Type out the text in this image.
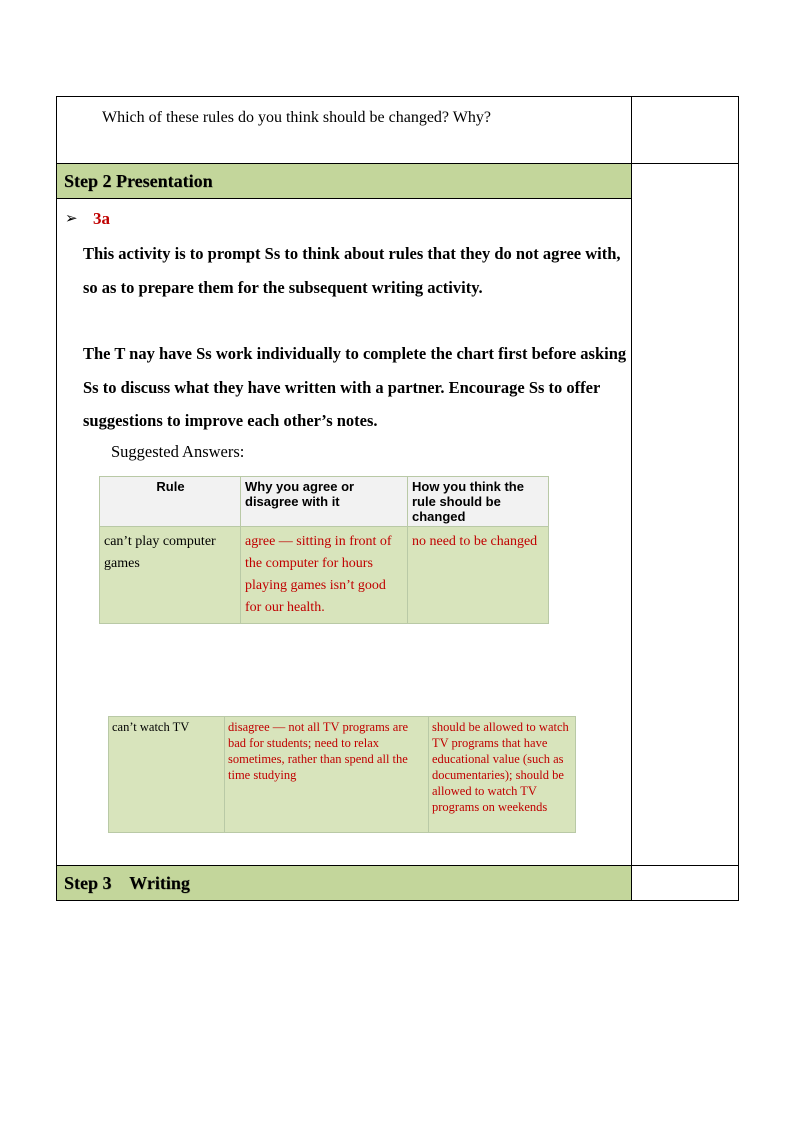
Which of these rules do you think should be changed? Why?

Step 2 Presentation

➢ 3a
This activity is to prompt Ss to think about rules that they do not agree with, so as to prepare them for the subsequent writing activity.
The T nay have Ss work individually to complete the chart first before asking Ss to discuss what they have written with a partner. Encourage Ss to offer suggestions to improve each other’s notes.
Suggested Answers:
Rule	Why you agree or disagree with it	How you think the rule should be changed
can’t play computer games	agree — sitting in front of the computer for hours playing games isn’t good for our health.	no need to be changed
can’t watch TV	disagree — not all TV programs are bad for students; need to relax sometimes, rather than spend all the time studying	should be allowed to watch TV programs that have educational value (such as documentaries); should be allowed to watch TV programs on weekends

Step 3    Writing
